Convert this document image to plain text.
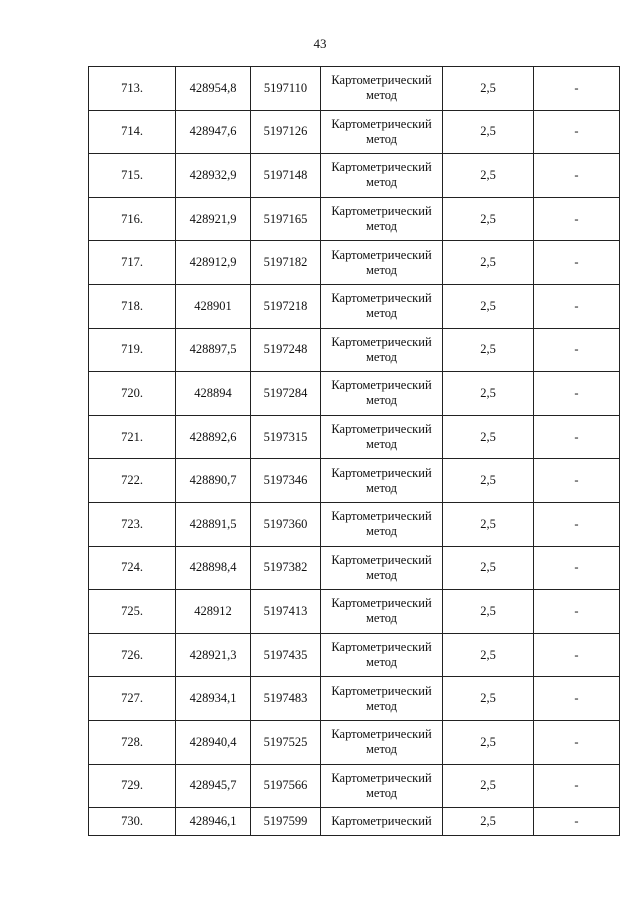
43
713.	428954,8	5197110	Картометрический метод	2,5	-
714.	428947,6	5197126	Картометрический метод	2,5	-
715.	428932,9	5197148	Картометрический метод	2,5	-
716.	428921,9	5197165	Картометрический метод	2,5	-
717.	428912,9	5197182	Картометрический метод	2,5	-
718.	428901	5197218	Картометрический метод	2,5	-
719.	428897,5	5197248	Картометрический метод	2,5	-
720.	428894	5197284	Картометрический метод	2,5	-
721.	428892,6	5197315	Картометрический метод	2,5	-
722.	428890,7	5197346	Картометрический метод	2,5	-
723.	428891,5	5197360	Картометрический метод	2,5	-
724.	428898,4	5197382	Картометрический метод	2,5	-
725.	428912	5197413	Картометрический метод	2,5	-
726.	428921,3	5197435	Картометрический метод	2,5	-
727.	428934,1	5197483	Картометрический метод	2,5	-
728.	428940,4	5197525	Картометрический метод	2,5	-
729.	428945,7	5197566	Картометрический метод	2,5	-
730.	428946,1	5197599	Картометрический	2,5	-
